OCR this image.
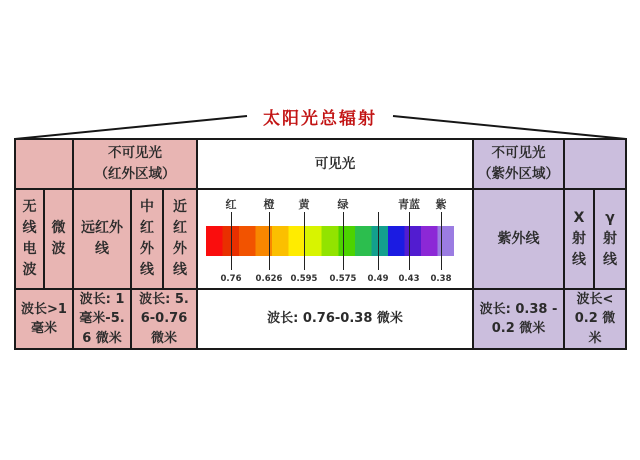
太阳光总辐射
不可见光
（红外区域）
可见光
不可见光
（紫外区域）
无线电波
微波
远红外线
中红外线
近红外线
红 橙 黄	绿	青蓝 紫
0.76 0.626 0.595 0.575 0.49 0.43 0.38
紫外线
X射线
γ射线
波长>1 毫米
波长: 1 毫米-5.6 微米
波长: 5.6-0.76 微米
波长: 0.76-0.38 微米
波长: 0.38 - 0.2 微米
波长< 0.2 微米
